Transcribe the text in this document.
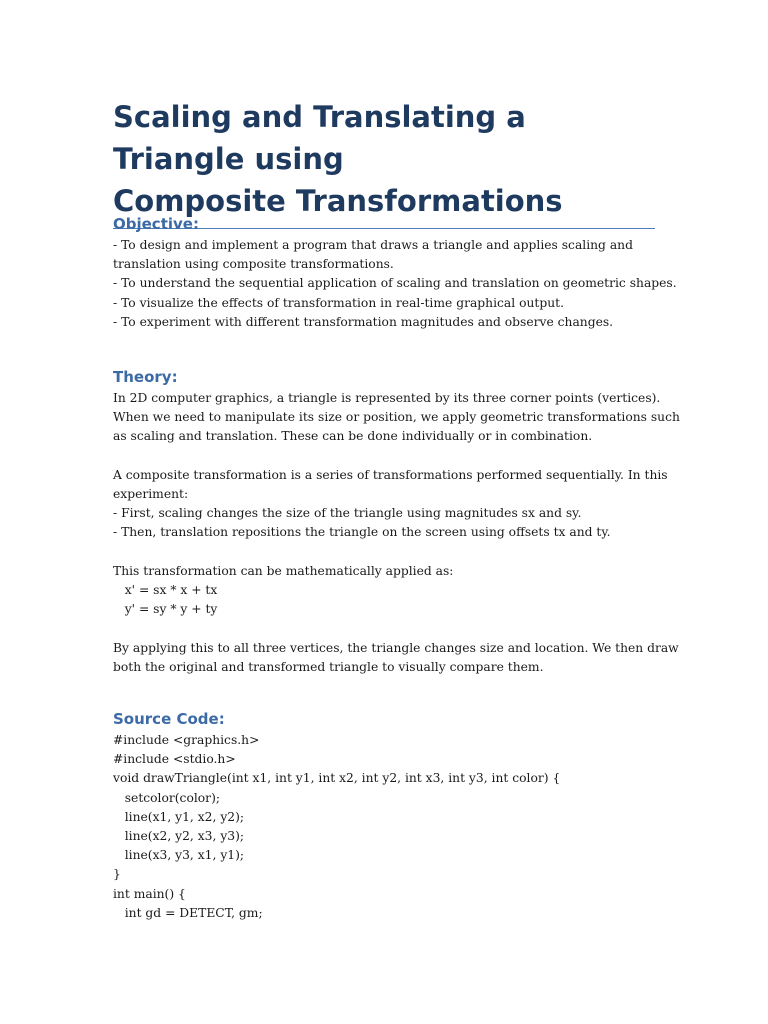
Scaling and Translating a Triangle using
Composite Transformations
Objective:

- To design and implement a program that draws a triangle and applies scaling and

translation using composite transformations.

- To understand the sequential application of scaling and translation on geometric shapes.

- To visualize the effects of transformation in real-time graphical output.

- To experiment with different transformation magnitudes and observe changes.

Theory:

In 2D computer graphics, a triangle is represented by its three corner points (vertices).

When we need to manipulate its size or position, we apply geometric transformations such

as scaling and translation. These can be done individually or in combination.

A composite transformation is a series of transformations performed sequentially. In this

experiment:

- First, scaling changes the size of the triangle using magnitudes sx and sy.

- Then, translation repositions the triangle on the screen using offsets tx and ty.

This transformation can be mathematically applied as:

x' = sx * x + tx

y' = sy * y + ty

By applying this to all three vertices, the triangle changes size and location. We then draw

both the original and transformed triangle to visually compare them.

Source Code:

#include <graphics.h>

#include <stdio.h>

void drawTriangle(int x1, int y1, int x2, int y2, int x3, int y3, int color) {

setcolor(color);

line(x1, y1, x2, y2);

line(x2, y2, x3, y3);

line(x3, y3, x1, y1);

}

int main() {

int gd = DETECT, gm;
